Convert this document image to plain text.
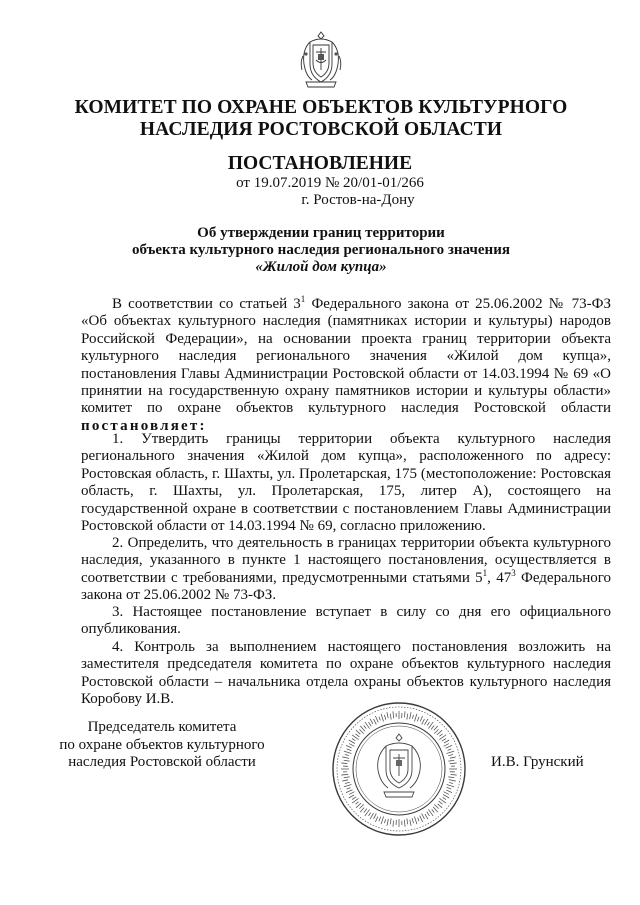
КОМИТЕТ ПО ОХРАНЕ ОБЪЕКТОВ КУЛЬТУРНОГО
НАСЛЕДИЯ РОСТОВСКОЙ ОБЛАСТИ
ПОСТАНОВЛЕНИЕ
от 19.07.2019 № 20/01-01/266
г. Ростов-на-Дону
Об утверждении границ территории
объекта культурного наследия регионального значения
«Жилой дом купца»

В соответствии со статьей $3^1$ Федерального закона от 25.06.2002 № 73-ФЗ «Об объектах культурного наследия (памятниках истории и культуры) народов Российской Федерации», на основании проекта границ территории объекта культурного наследия регионального значения «Жилой дом купца», постановления Главы Администрации Ростовской области от 14.03.1994 № 69 «О принятии на государственную охрану памятников истории и культуры области» комитет по охране объектов культурного наследия Ростовской области постановляет:

1. Утвердить границы территории объекта культурного наследия регионального значения «Жилой дом купца», расположенного по адресу: Ростовская область, г. Шахты, ул. Пролетарская, 175 (местоположение: Ростовская область, г. Шахты, ул. Пролетарская, 175, литер А), состоящего на государственной охране в соответствии с постановлением Главы Администрации Ростовской области от 14.03.1994 № 69, согласно приложению.

2. Определить, что деятельность в границах территории объекта культурного наследия, указанного в пункте 1 настоящего постановления, осуществляется в соответствии с требованиями, предусмотренными статьями $5^1$, $47^3$ Федерального закона от 25.06.2002 № 73-ФЗ.

3. Настоящее постановление вступает в силу со дня его официального опубликования.

4. Контроль за выполнением настоящего постановления возложить на заместителя председателя комитета по охране объектов культурного наследия Ростовской области – начальника отдела охраны объектов культурного наследия Коробову И.В.

Председатель комитета
по охране объектов культурного
наследия Ростовской области	И.В. Грунский
